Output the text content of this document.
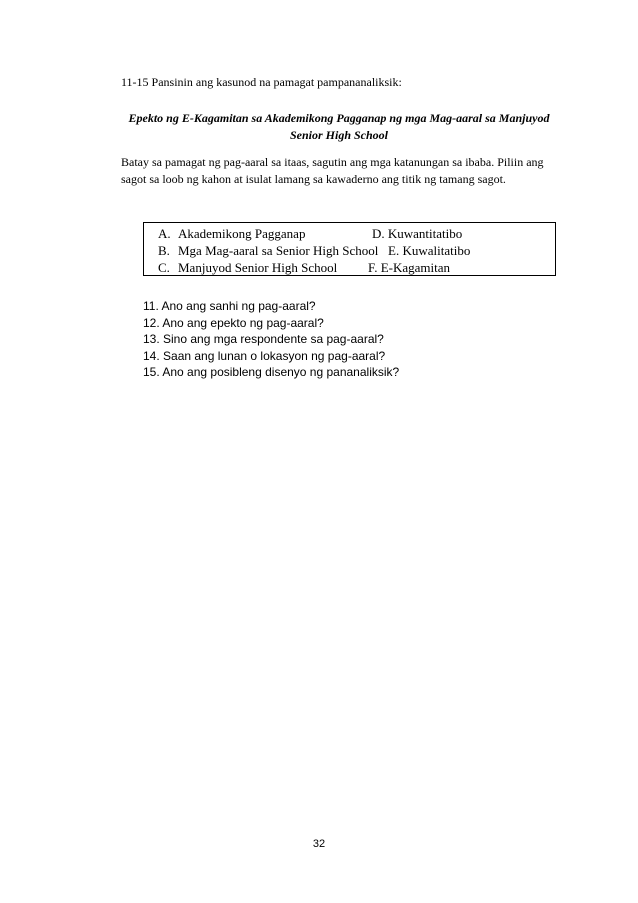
11-15 Pansinin ang kasunod na pamagat pampananaliksik:
Epekto ng E-Kagamitan sa Akademikong Pagganap ng mga Mag-aaral sa Manjuyod
Senior High School
Batay sa pamagat ng pag-aaral sa itaas, sagutin ang mga katanungan sa ibaba. Piliin ang
sagot sa loob ng kahon at isulat lamang sa kawaderno ang titik ng tamang sagot.
A. Akademikong Pagganap	D. Kuwantitatibo
B. Mga Mag-aaral sa Senior High School E. Kuwalitatibo
C. Manjuyod Senior High School F. E-Kagamitan
11. Ano ang sanhi ng pag-aaral?
12. Ano ang epekto ng pag-aaral?
13. Sino ang mga respondente sa pag-aaral?
14. Saan ang lunan o lokasyon ng pag-aaral?
15. Ano ang posibleng disenyo ng pananaliksik?
32
